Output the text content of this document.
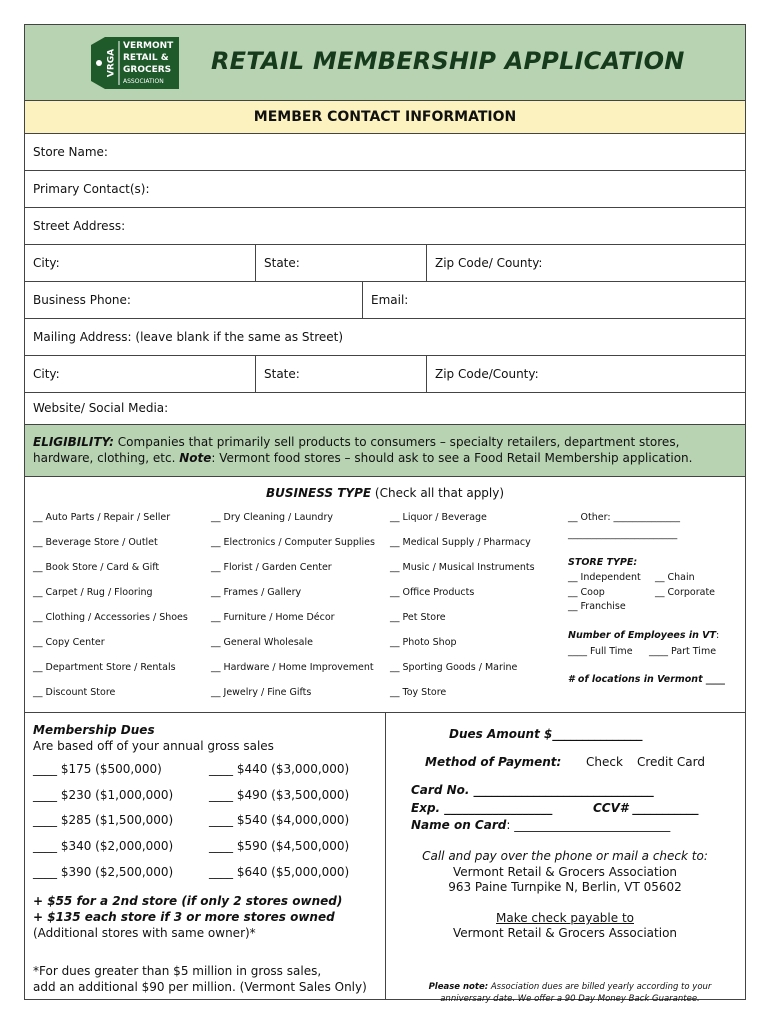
VRGA
VERMONT
RETAIL &
GROCERS
ASSOCIATION
RETAIL MEMBERSHIP APPLICATION
MEMBER CONTACT INFORMATION
Store Name:
Primary Contact(s):
Street Address:
City:	State:	Zip Code/ County:
Business Phone:	Email:
Mailing Address: (leave blank if the same as Street)
City:	State:	Zip Code/County:
Website/ Social Media:
ELIGIBILITY: Companies that primarily sell products to consumers – specialty retailers, department stores, hardware, clothing, etc. Note: Vermont food stores – should ask to see a Food Retail Membership application.
BUSINESS TYPE (Check all that apply)
__ Auto Parts / Repair / Seller
__ Beverage Store / Outlet
__ Book Store / Card & Gift
__ Carpet / Rug / Flooring
__ Clothing / Accessories / Shoes
__ Copy Center
__ Department Store / Rentals
__ Discount Store
__ Dry Cleaning / Laundry
__ Electronics / Computer Supplies
__ Florist / Garden Center
__ Frames / Gallery
__ Furniture / Home Décor
__ General Wholesale
__ Hardware / Home Improvement
__ Jewelry / Fine Gifts
__ Liquor / Beverage
__ Medical Supply / Pharmacy
__ Music / Musical Instruments
__ Office Products
__ Pet Store
__ Photo Shop
__ Sporting Goods / Marine
__ Toy Store
__ Other: ______________
_______________________
STORE TYPE:
__ Independent __ Chain
__ Coop	__ Corporate
__ Franchise
Number of Employees in VT:
____ Full Time ____ Part Time
# of locations in Vermont ____
Membership Dues
Are based off of your annual gross sales
____ $175 ($500,000)
____ $230 ($1,000,000)
____ $285 ($1,500,000)
____ $340 ($2,000,000)
____ $390 ($2,500,000)
____ $440 ($3,000,000)
____ $490 ($3,500,000)
____ $540 ($4,000,000)
____ $590 ($4,500,000)
____ $640 ($5,000,000)
+ $55 for a 2nd store (if only 2 stores owned)
+ $135 each store if 3 or more stores owned
(Additional stores with same owner)*
*For dues greater than $5 million in gross sales,
add an additional $90 per million. (Vermont Sales Only)
Dues Amount $_______________
Method of Payment: Check Credit Card
Card No. ______________________________
Exp. __________________	CCV# ___________
Name on Card: __________________________
Call and pay over the phone or mail a check to:
Vermont Retail & Grocers Association
963 Paine Turnpike N, Berlin, VT 05602
Make check payable to
Vermont Retail & Grocers Association
Please note: Association dues are billed yearly according to your anniversary date. We offer a 90 Day Money Back Guarantee.
